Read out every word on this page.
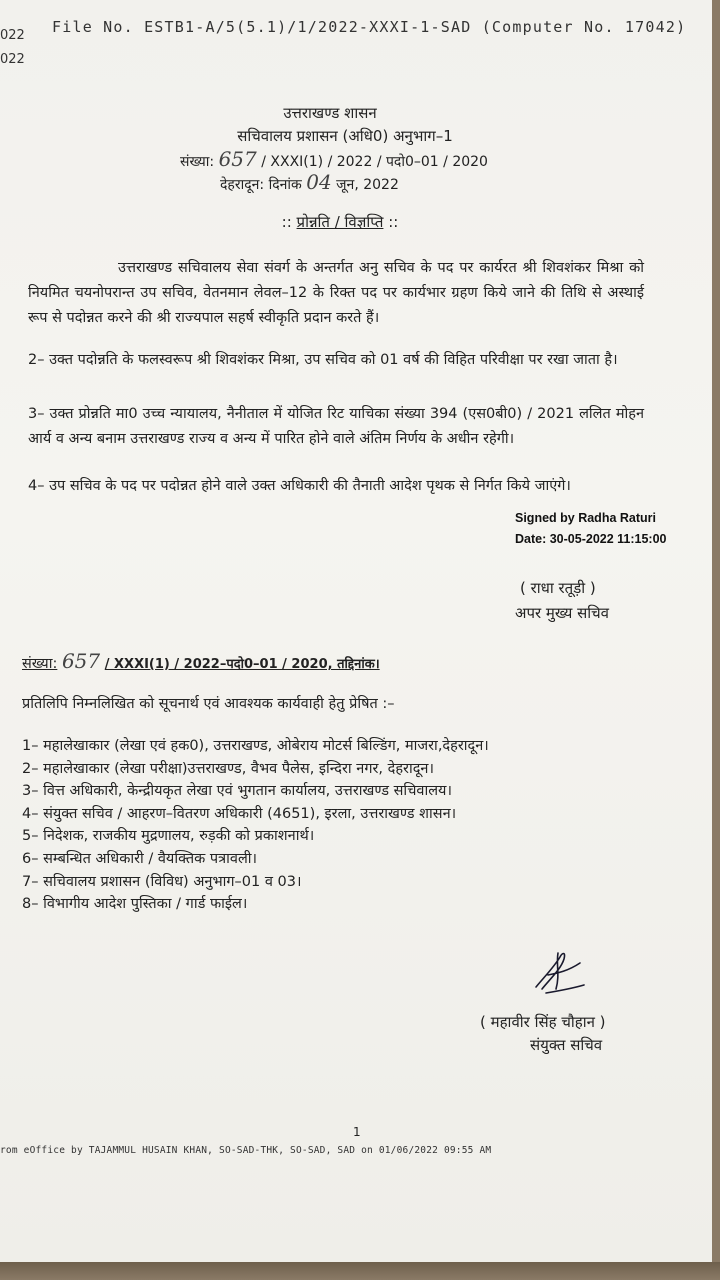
File No. ESTB1-A/5(5.1)/1/2022-XXXI-1-SAD (Computer No. 17042)
022
022
उत्तराखण्ड शासन
सचिवालय प्रशासन (अधि0) अनुभाग–1
संख्या: 657 / XXXI(1) / 2022 / पदो0–01 / 2020
देहरादून: दिनांक 04 जून, 2022
:: प्रोन्नति / विज्ञप्ति ::
उत्तराखण्ड सचिवालय सेवा संवर्ग के अन्तर्गत अनु सचिव के पद पर कार्यरत श्री शिवशंकर मिश्रा को नियमित चयनोपरान्त उप सचिव, वेतनमान लेवल–12 के रिक्त पद पर कार्यभार ग्रहण किये जाने की तिथि से अस्थाई रूप से पदोन्नत करने की श्री राज्यपाल सहर्ष स्वीकृति प्रदान करते हैं।
2– उक्त पदोन्नति के फलस्वरूप श्री शिवशंकर मिश्रा, उप सचिव को 01 वर्ष की विहित परिवीक्षा पर रखा जाता है।
3– उक्त प्रोन्नति मा0 उच्च न्यायालय, नैनीताल में योजित रिट याचिका संख्या 394 (एस0बी0) / 2021 ललित मोहन आर्य व अन्य बनाम उत्तराखण्ड राज्य व अन्य में पारित होने वाले अंतिम निर्णय के अधीन रहेगी।
4– उप सचिव के पद पर पदोन्नत होने वाले उक्त अधिकारी की तैनाती आदेश पृथक से निर्गत किये जाएंगे।
Signed by Radha Raturi
Date: 30-05-2022 11:15:00
( राधा रतूड़ी )
अपर मुख्य सचिव
संख्या: 657 / XXXI(1) / 2022–पदो0–01 / 2020, तद्दिनांक।
प्रतिलिपि निम्नलिखित को सूचनार्थ एवं आवश्यक कार्यवाही हेतु प्रेषित :–
1– महालेखाकार (लेखा एवं हक0), उत्तराखण्ड, ओबेराय मोटर्स बिल्डिंग, माजरा,देहरादून।
2– महालेखाकार (लेखा परीक्षा)उत्तराखण्ड, वैभव पैलेस, इन्दिरा नगर, देहरादून।
3– वित्त अधिकारी, केन्द्रीयकृत लेखा एवं भुगतान कार्यालय, उत्तराखण्ड सचिवालय।
4– संयुक्त सचिव / आहरण–वितरण अधिकारी (4651), इरला, उत्तराखण्ड शासन।
5– निदेशक, राजकीय मुद्रणालय, रुड़की को प्रकाशनार्थ।
6– सम्बन्धित अधिकारी / वैयक्तिक पत्रावली।
7– सचिवालय प्रशासन (विविध) अनुभाग–01 व 03।
8– विभागीय आदेश पुस्तिका / गार्ड फाईल।
( महावीर सिंह चौहान )
संयुक्त सचिव
1
rom eOffice by TAJAMMUL HUSAIN KHAN, SO-SAD-THK, SO-SAD, SAD on 01/06/2022 09:55 AM
